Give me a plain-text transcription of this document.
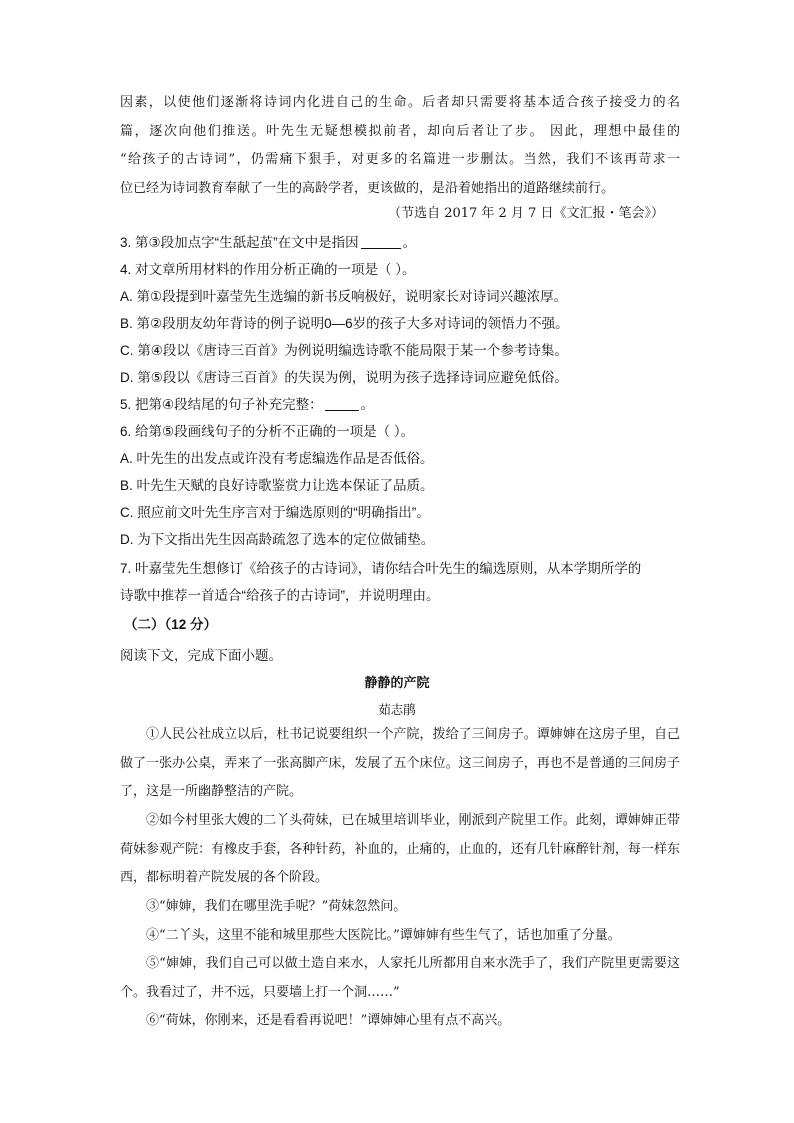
因素，以使他们逐渐将诗词内化进自己的生命。后者却只需要将基本适合孩子接受力的名

篇，逐次向他们推送。叶先生无疑想模拟前者，却向后者让了步。 因此，理想中最佳的

“给孩子的古诗词”，仍需痛下狠手，对更多的名篇进一步删汰。当然，我们不该再苛求一

位已经为诗词教育奉献了一生的高龄学者，更该做的，是沿着她指出的道路继续前行。

（节选自 2017 年 2 月 7 日《文汇报・笔会》）

3. 第③段加点字“生舐起茧”在文中是指因	。

4. 对文章所用材料的作用分析正确的一项是（ ）。

A. 第①段提到叶嘉莹先生选编的新书反响极好，说明家长对诗词兴趣浓厚。

B. 第②段朋友幼年背诗的例子说明0—6岁的孩子大多对诗词的领悟力不强。

C. 第④段以《唐诗三百首》为例说明编选诗歌不能局限于某一个参考诗集。

D. 第⑤段以《唐诗三百首》的失误为例，说明为孩子选择诗词应避免低俗。

5. 把第④段结尾的句子补充完整：	。

6. 给第⑤段画线句子的分析不正确的一项是（ ）。

A. 叶先生的出发点或许没有考虑编选作品是否低俗。

B. 叶先生天赋的良好诗歌鉴赏力让选本保证了品质。

C. 照应前文叶先生序言对于编选原则的“明确指出”。

D. 为下文指出先生因高龄疏忽了选本的定位做铺垫。

7. 叶嘉莹先生想修订《给孩子的古诗词》，请你结合叶先生的编选原则，从本学期所学的

诗歌中推荐一首适合“给孩子的古诗词”，并说明理由。

（二）（12 分）

阅读下文，完成下面小题。

静静的产院
茹志鹃

①人民公社成立以后，杜书记说要组织一个产院，拨给了三间房子。谭婶婶在这房子里，自己做了一张办公桌，弄来了一张高脚产床，发展了五个床位。这三间房子，再也不是普通的三间房子了，这是一所幽静整洁的产院。

②如今村里张大嫂的二丫头荷妹，已在城里培训毕业，刚派到产院里工作。此刻，谭婶婶正带荷妹参观产院：有橡皮手套，各种针药，补血的，止痛的，止血的，还有几针麻醉针剂，每一样东西，都标明着产院发展的各个阶段。

③“婶婶，我们在哪里洗手呢？”荷妹忽然问。

④“二丫头，这里不能和城里那些大医院比。”谭婶婶有些生气了，话也加重了分量。

⑤“婶婶，我们自己可以做土造自来水，人家托儿所都用自来水洗手了，我们产院里更需要这个。我看过了，井不远，只要墙上打一个洞……”

⑥“荷妹，你刚来，还是看看再说吧！”谭婶婶心里有点不高兴。
